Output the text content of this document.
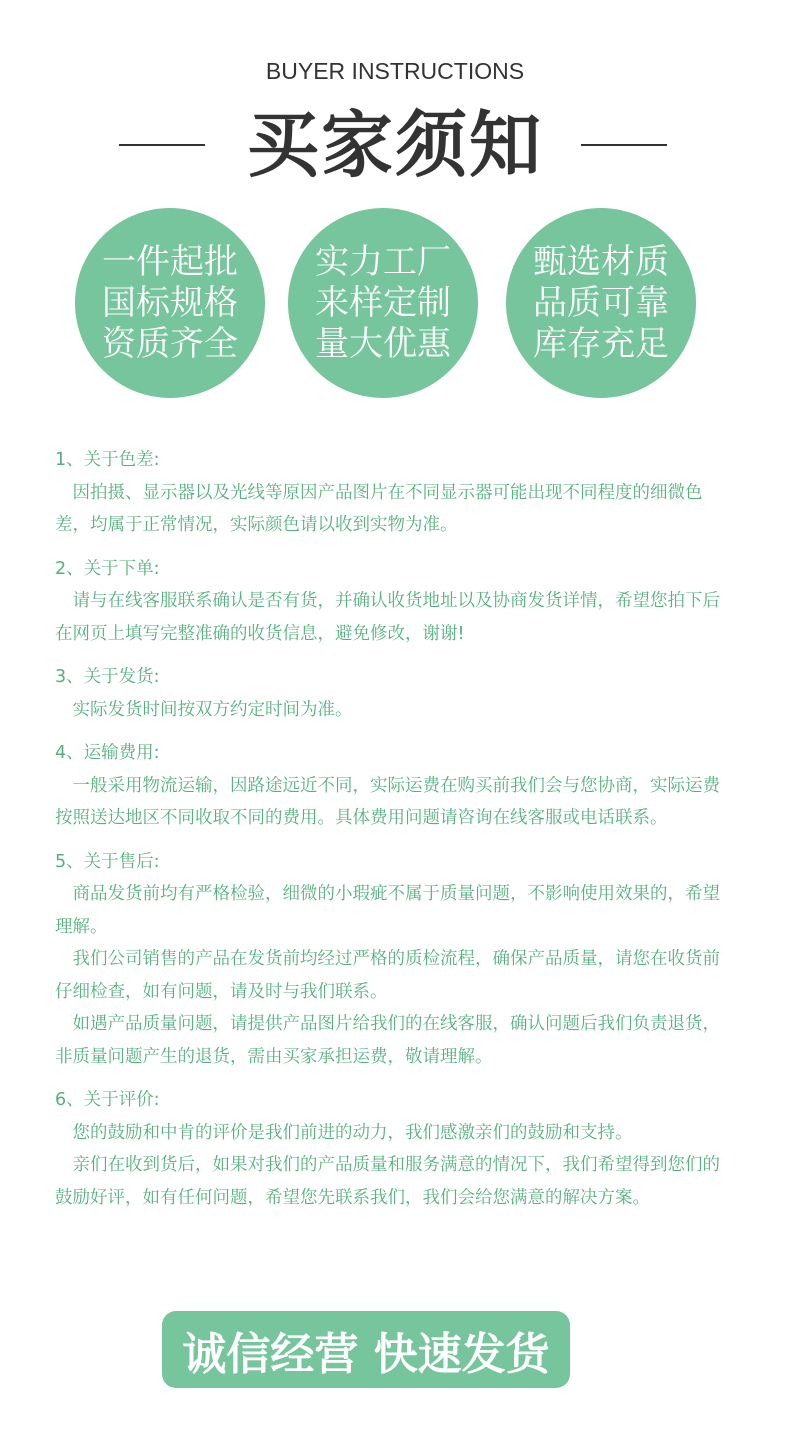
BUYER INSTRUCTIONS
买家须知
一件起批
国标规格
资质齐全
实力工厂
来样定制
量大优惠
甄选材质
品质可靠
库存充足
1、关于色差:
因拍摄、显示器以及光线等原因产品图片在不同显示器可能出现不同程度的细微色差，均属于正常情况，实际颜色请以收到实物为准。
2、关于下单:
请与在线客服联系确认是否有货，并确认收货地址以及协商发货详情，希望您拍下后在网页上填写完整准确的收货信息，避免修改，谢谢!
3、关于发货:
实际发货时间按双方约定时间为准。
4、运输费用:
一般采用物流运输，因路途远近不同，实际运费在购买前我们会与您协商，实际运费按照送达地区不同收取不同的费用。具体费用问题请咨询在线客服或电话联系。
5、关于售后:
商品发货前均有严格检验，细微的小瑕疵不属于质量问题，不影响使用效果的，希望理解。
我们公司销售的产品在发货前均经过严格的质检流程，确保产品质量，请您在收货前仔细检查，如有问题，请及时与我们联系。
如遇产品质量问题，请提供产品图片给我们的在线客服，确认问题后我们负责退货，非质量问题产生的退货，需由买家承担运费，敬请理解。
6、关于评价:
您的鼓励和中肯的评价是我们前进的动力，我们感激亲们的鼓励和支持。
亲们在收到货后，如果对我们的产品质量和服务满意的情况下，我们希望得到您们的鼓励好评，如有任何问题，希望您先联系我们，我们会给您满意的解决方案。
诚信经营 快速发货
